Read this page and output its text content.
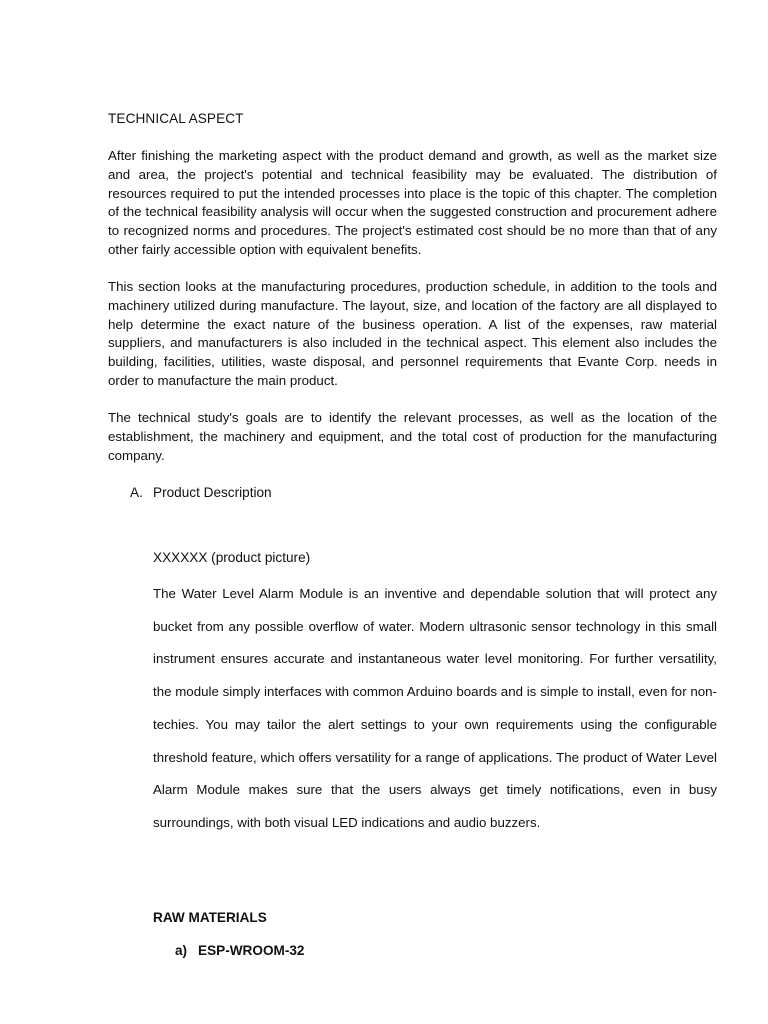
TECHNICAL ASPECT

After finishing the marketing aspect with the product demand and growth, as well as the market size and area, the project's potential and technical feasibility may be evaluated. The distribution of resources required to put the intended processes into place is the topic of this chapter. The completion of the technical feasibility analysis will occur when the suggested construction and procurement adhere to recognized norms and procedures. The project's estimated cost should be no more than that of any other fairly accessible option with equivalent benefits.

This section looks at the manufacturing procedures, production schedule, in addition to the tools and machinery utilized during manufacture. The layout, size, and location of the factory are all displayed to help determine the exact nature of the business operation. A list of the expenses, raw material suppliers, and manufacturers is also included in the technical aspect. This element also includes the building, facilities, utilities, waste disposal, and personnel requirements that Evante Corp. needs in order to manufacture the main product.

The technical study's goals are to identify the relevant processes, as well as the location of the establishment, the machinery and equipment, and the total cost of production for the manufacturing company.

A. Product Description
XXXXXX (product picture)

The Water Level Alarm Module is an inventive and dependable solution that will protect any bucket from any possible overflow of water. Modern ultrasonic sensor technology in this small instrument ensures accurate and instantaneous water level monitoring. For further versatility, the module simply interfaces with common Arduino boards and is simple to install, even for non-techies. You may tailor the alert settings to your own requirements using the configurable threshold feature, which offers versatility for a range of applications. The product of Water Level Alarm Module makes sure that the users always get timely notifications, even in busy surroundings, with both visual LED indications and audio buzzers.

RAW MATERIALS
a) ESP-WROOM-32
